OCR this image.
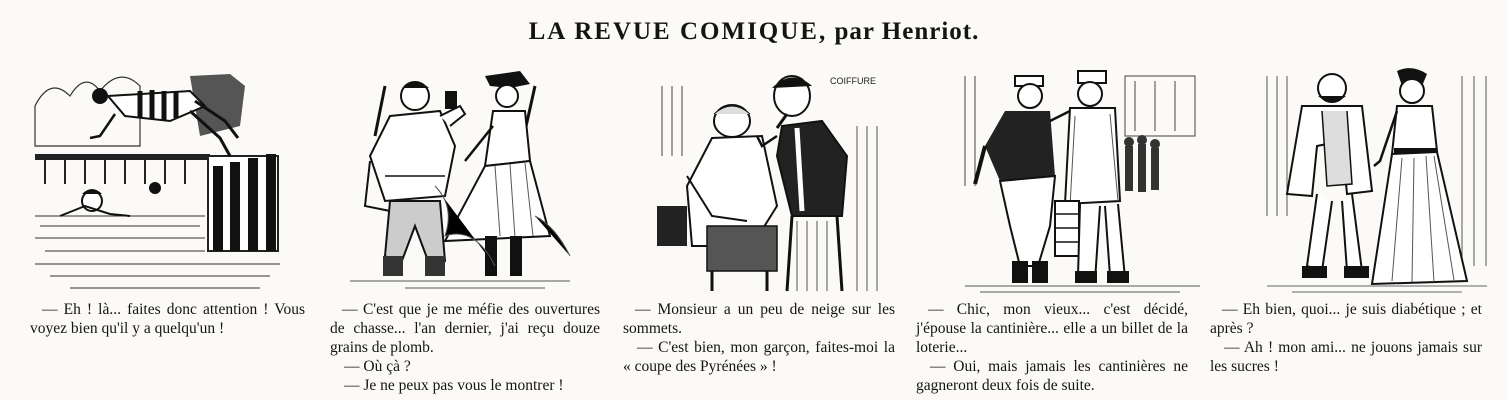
LA REVUE COMIQUE, par Henriot.
COIFFURE

— Eh ! là... faites donc attention ! Vous voyez bien qu'il y a quelqu'un !

— C'est que je me méfie des ouvertures de chasse... l'an dernier, j'ai reçu douze grains de plomb.

— Où çà ?

— Je ne peux pas vous le montrer !

— Monsieur a un peu de neige sur les sommets.

— C'est bien, mon garçon, faites-moi la « coupe des Pyrénées » !

— Chic, mon vieux... c'est décidé, j'épouse la cantinière... elle a un billet de la loterie...

— Oui, mais jamais les cantinières ne gagneront deux fois de suite.

— Eh bien, quoi... je suis diabétique ; et après ?

— Ah ! mon ami... ne jouons jamais sur les sucres !
